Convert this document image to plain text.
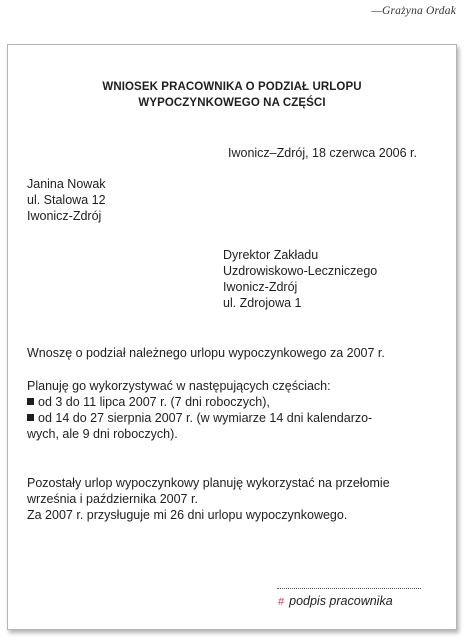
—Grażyna Ordak
WNIOSEK PRACOWNIKA O PODZIAŁ URLOPU
WYPOCZYNKOWEGO NA CZĘŚCI
Iwonicz–Zdrój, 18 czerwca 2006 r.
Janina Nowak
ul. Stalowa 12
Iwonicz-Zdrój
Dyrektor Zakładu
Uzdrowiskowo-Leczniczego
Iwonicz-Zdrój
ul. Zdrojowa 1
Wnoszę o podział należnego urlopu wypoczynkowego za 2007 r.
Planuję go wykorzystywać w następujących częściach:
od 3 do 11 lipca 2007 r. (7 dni roboczych),
od 14 do 27 sierpnia 2007 r. (w wymiarze 14 dni kalendarzo-
wych, ale 9 dni roboczych).
Pozostały urlop wypoczynkowy planuję wykorzystać na przełomie
września i października 2007 r.
Za 2007 r. przysługuje mi 26 dni urlopu wypoczynkowego.
# podpis pracownika
